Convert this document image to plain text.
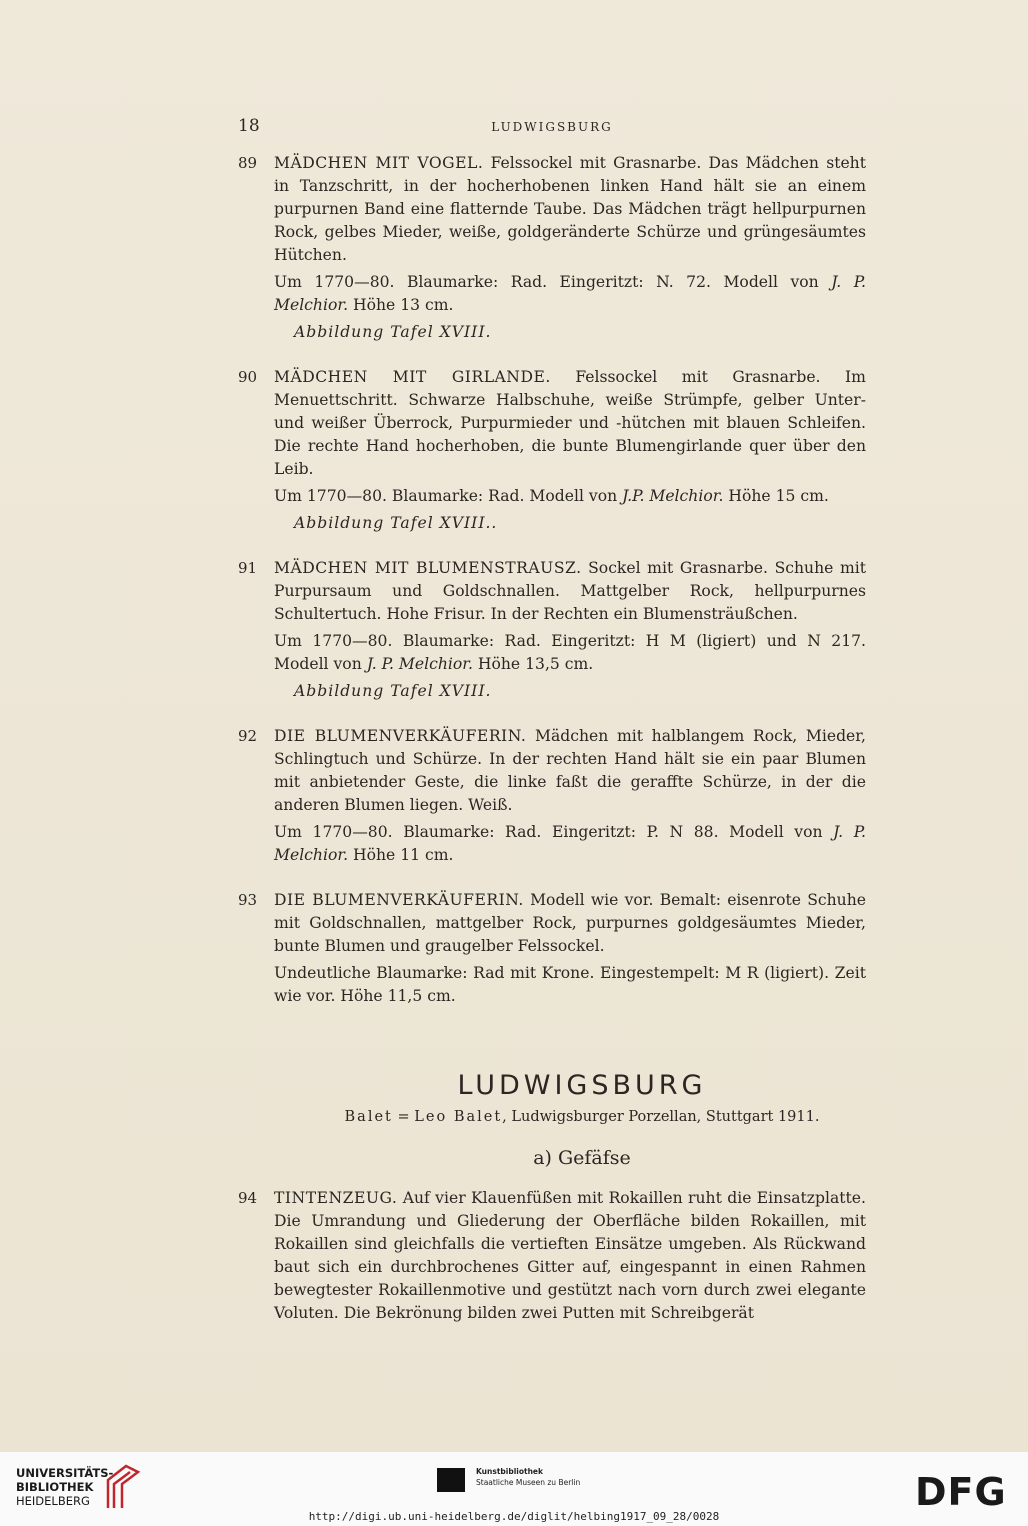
18	LUDWIGSBURG
89 MÄDCHEN MIT VOGEL. Felssockel mit Grasnarbe. Das Mädchen steht in Tanzschritt, in der hocherhobenen linken Hand hält sie an einem purpurnen Band eine flatternde Taube. Das Mädchen trägt hellpurpurnen Rock, gelbes Mieder, weiße, goldgeränderte Schürze und grüngesäumtes Hütchen.

Um 1770—80. Blaumarke: Rad. Eingeritzt: N. 72. Modell von J. P. Melchior. Höhe 13 cm.

Abbildung Tafel XVIII.

90 MÄDCHEN MIT GIRLANDE. Felssockel mit Grasnarbe. Im Menuettschritt. Schwarze Halbschuhe, weiße Strümpfe, gelber Unter- und weißer Überrock, Purpurmieder und -hütchen mit blauen Schleifen. Die rechte Hand hocherhoben, die bunte Blumengirlande quer über den Leib.

Um 1770—80. Blaumarke: Rad. Modell von J.P. Melchior. Höhe 15 cm.

Abbildung Tafel XVIII..

91 MÄDCHEN MIT BLUMENSTRAUSZ. Sockel mit Grasnarbe. Schuhe mit Purpursaum und Goldschnallen. Mattgelber Rock, hellpurpurnes Schultertuch. Hohe Frisur. In der Rechten ein Blumensträußchen.

Um 1770—80. Blaumarke: Rad. Eingeritzt: H M (ligiert) und N 217. Modell von J. P. Melchior. Höhe 13,5 cm.

Abbildung Tafel XVIII.

92 DIE BLUMENVERKÄUFERIN. Mädchen mit halblangem Rock, Mieder, Schlingtuch und Schürze. In der rechten Hand hält sie ein paar Blumen mit anbietender Geste, die linke faßt die geraffte Schürze, in der die anderen Blumen liegen. Weiß.

Um 1770—80. Blaumarke: Rad. Eingeritzt: P. N 88. Modell von J. P. Melchior. Höhe 11 cm.

93 DIE BLUMENVERKÄUFERIN. Modell wie vor. Bemalt: eisenrote Schuhe mit Goldschnallen, mattgelber Rock, purpurnes goldgesäumtes Mieder, bunte Blumen und graugelber Felssockel.

Undeutliche Blaumarke: Rad mit Krone. Eingestempelt: M R (ligiert). Zeit wie vor. Höhe 11,5 cm.

LUDWIGSBURG
Balet = Leo Balet, Ludwigsburger Porzellan, Stuttgart 1911.
a) Gefäfse
94 TINTENZEUG. Auf vier Klauenfüßen mit Rokaillen ruht die Einsatzplatte. Die Umrandung und Gliederung der Oberfläche bilden Rokaillen, mit Rokaillen sind gleichfalls die vertieften Einsätze umgeben. Als Rückwand baut sich ein durchbrochenes Gitter auf, eingespannt in einen Rahmen bewegtester Rokaillenmotive und gestützt nach vorn durch zwei elegante Voluten. Die Bekrönung bilden zwei Putten mit Schreibgerät

UNIVERSITÄTS-
BIBLIOTHEK
HEIDELBERG
Kunstbibliothek
Staatliche Museen zu Berlin	DFG
http://digi.ub.uni-heidelberg.de/diglit/helbing1917_09_28/0028
